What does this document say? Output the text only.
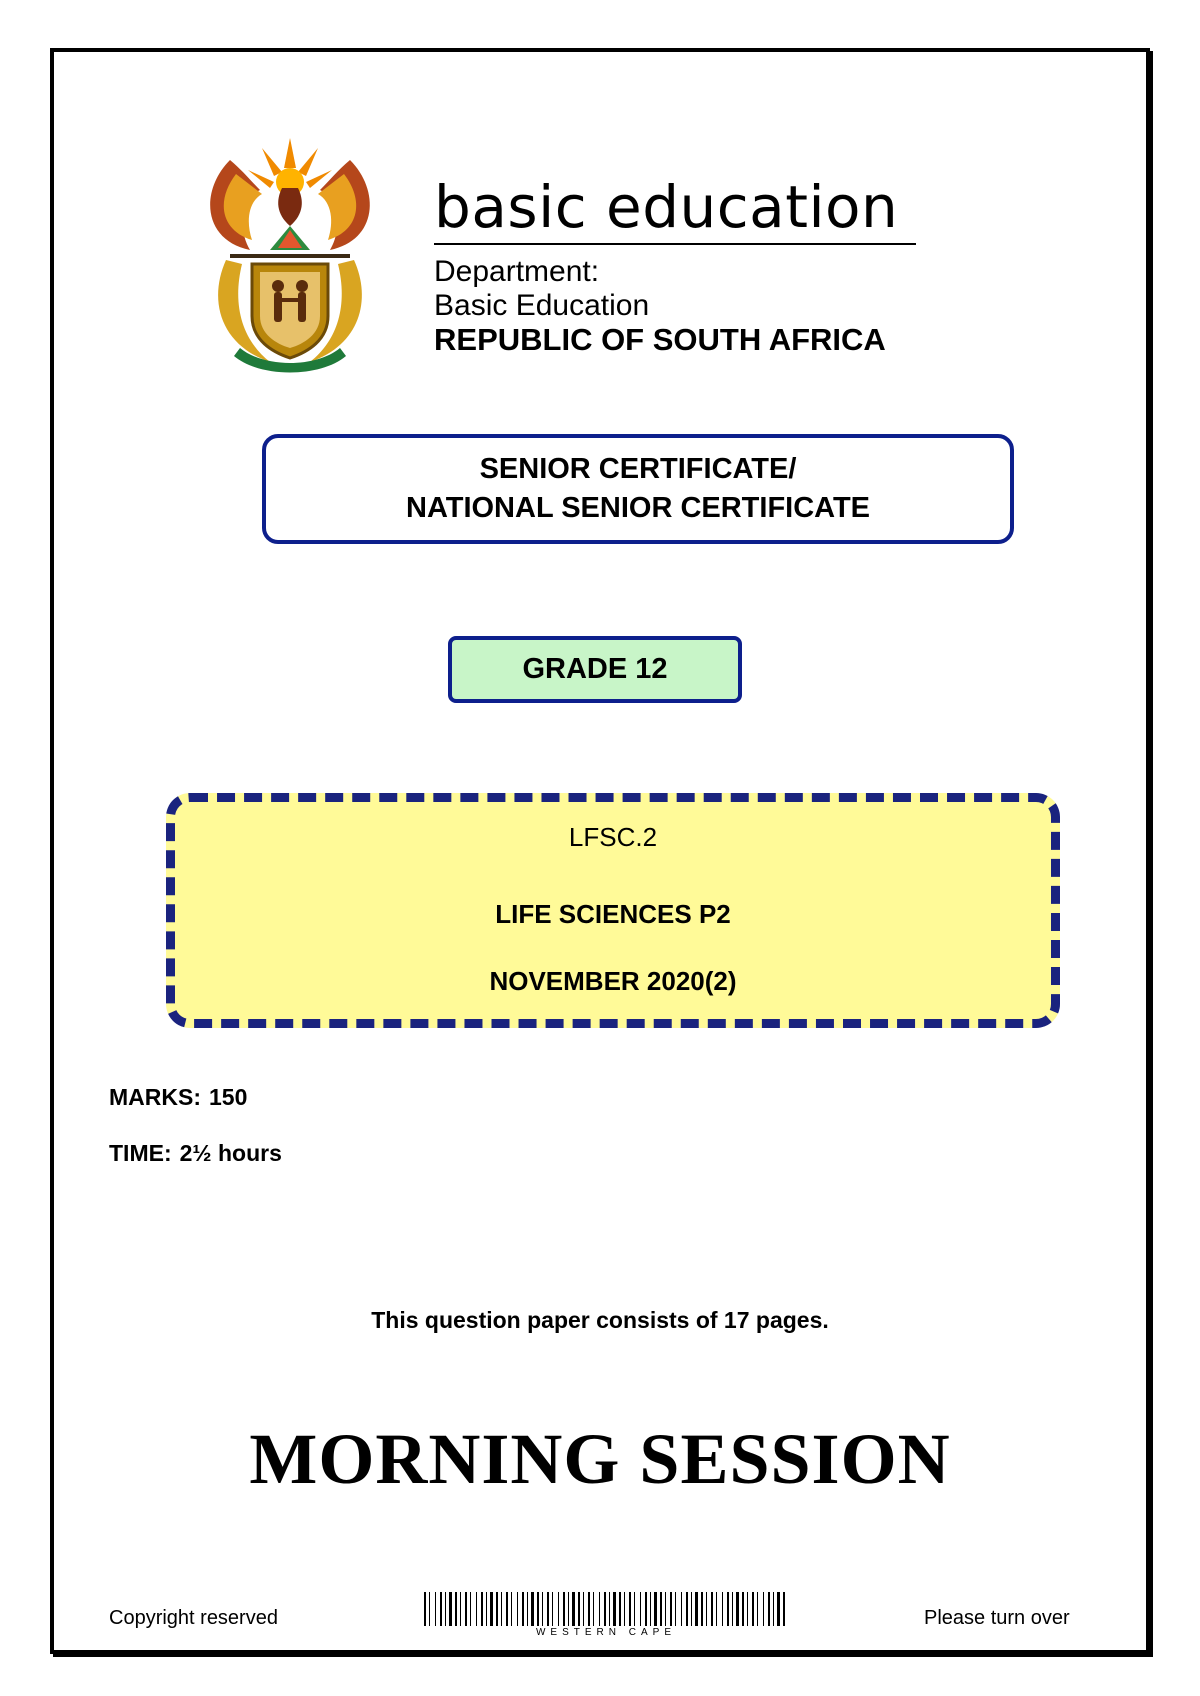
basic education
Department:
Basic Education
REPUBLIC OF SOUTH AFRICA
SENIOR CERTIFICATE/
NATIONAL SENIOR CERTIFICATE
GRADE 12
LFSC.2
LIFE SCIENCES P2
NOVEMBER 2020(2)
MARKS: 150
TIME: 2½ hours
This question paper consists of 17 pages.
MORNING SESSION
Copyright reserved
WESTERN CAPE
Please turn over
